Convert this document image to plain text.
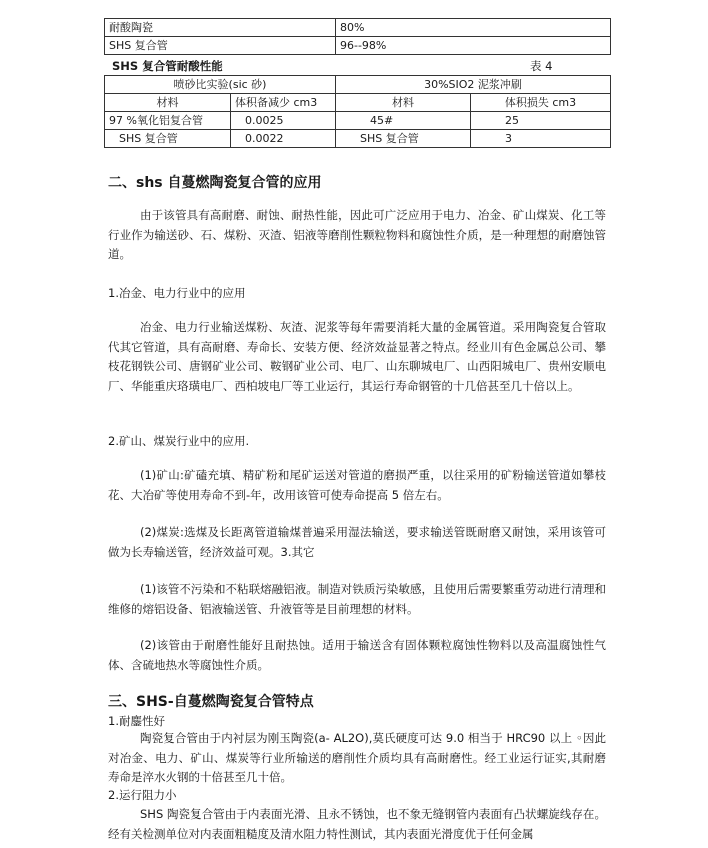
耐酸陶瓷	80%
SHS 复合管	96--98%
SHS 复合管耐酸性能	表 4
喷砂比实验(sic 砂)		30%SIO2 泥浆冲刷	
材料	体积备减少 cm3	材料	体积损失 cm3
97 %氧化铝复合管	0.0025	45#	25
SHS 复合管	0.0022	SHS 复合管	3
二、shs 自蔓燃陶瓷复合管的应用
由于该管具有高耐磨、耐蚀、耐热性能，因此可广泛应用于电力、冶金、矿山煤炭、化工等行业作为输送砂、石、煤粉、灭渣、铝液等磨削性颗粒物料和腐蚀性介质，是一种理想的耐磨蚀管道。
1.冶金、电力行业中的应用
冶金、电力行业输送煤粉、灰渣、泥浆等每年需要消耗大量的金属管道。采用陶瓷复合管取代其它管道，具有高耐磨、寿命长、安装方便、经济效益显著之特点。经业川有色金属总公司、攀枝花钢铁公司、唐钢矿业公司、鞍钢矿业公司、电厂、山东聊城电厂、山西阳城电厂、贵州安顺电厂、华能重庆珞璜电厂、西柏坡电厂等工业运行，其运行寿命钢管的十几倍甚至几十倍以上。
2.矿山、煤炭行业中的应用.
(1)矿山:矿磕充填、精矿粉和尾矿运送对管道的磨损严重，以往采用的矿粉输送管道如攀枝花、大冶矿等使用寿命不到-年，改用该管可使寿命提高 5 倍左右。
(2)煤炭:选煤及长距离管道输煤普遍采用湿法输送，要求输送管既耐磨又耐蚀，采用该管可做为长寿输送管，经济效益可观。3.其它
(1)该管不污染和不粘联熔融铝液。制造对铁质污染敏感，且使用后需要繁重劳动进行清理和维修的熔铝设备、铝液输送管、升液管等是目前理想的材料。
(2)该管由于耐磨性能好且耐热蚀。适用于输送含有固体颗粒腐蚀性物料以及高温腐蚀性气体、含硫地热水等腐蚀性介质。
三、SHS-自蔓燃陶瓷复合管特点
1.耐鏖性好
陶瓷复合管由于内衬层为刚玉陶瓷(a- AL2O),莫氏硬度可达 9.0 相当于 HRC90 以上 ◦因此对冶金、电力、矿山、煤炭等行业所输送的磨削性介质均具有高耐磨性。经工业运行证实,其耐磨寿命是淬水火钢的十倍甚至几十倍。
2.运行阻力小
SHS 陶瓷复合管由于内表面光滑、且永不锈蚀，也不象无缝钢管内表面有凸状螺旋线存在。经有关检测单位对内表面粗糙度及清水阻力特性测试，其内表面光滑度优于任何金属
